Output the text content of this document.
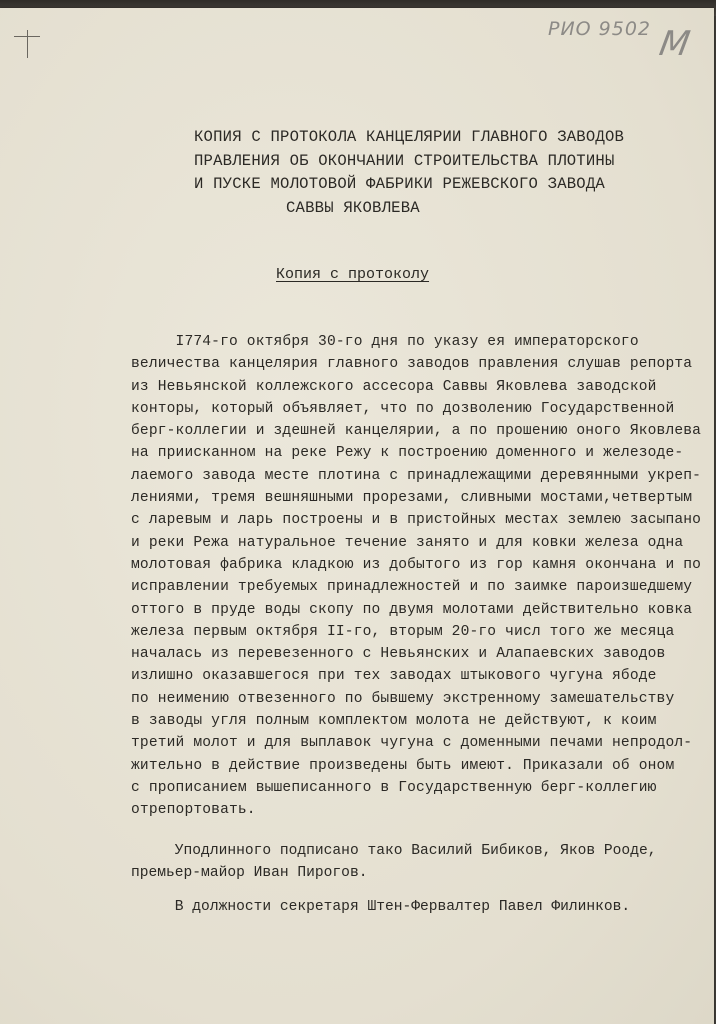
РИО 9502 М
КОПИЯ С ПРОТОКОЛА КАНЦЕЛЯРИИ ГЛАВНОГО ЗАВОДОВ
ПРАВЛЕНИЯ ОБ ОКОНЧАНИИ СТРОИТЕЛЬСТВА ПЛОТИНЫ
И ПУСКЕ МОЛОТОВОЙ ФАБРИКИ РЕЖЕВСКОГО ЗАВОДА
САВВЫ ЯКОВЛЕВА
Копия с протоколу
I774-го октября 30-го дня по указу ея императорского
величества канцелярия главного заводов правления слушав репорта
из Невьянской коллежского ассесора Саввы Яковлева заводской
конторы, который объявляет, что по дозволению Государственной
берг-коллегии и здешней канцелярии, а по прошению оного Яковлева
на приисканном на реке Режу к построению доменного и железоде-
лаемого завода месте плотина с принадлежащими деревянными укреп-
лениями, тремя вешняшными прорезами, сливными мостами,четвертым
с ларевым и ларь построены и в пристойных местах землею засыпано
и реки Режа натуральное течение занято и для ковки железа одна
молотовая фабрика кладкою из добытого из гор камня окончана и по
исправлении требуемых принадлежностей и по заимке пароизшедшему
оттого в пруде воды скопу по двумя молотами действительно ковка
железа первым октября II-го, вторым 20-го числ того же месяца
началась из перевезенного с Невьянских и Алапаевских заводов
излишно оказавшегося при тех заводах штыкового чугуна ябоде
по неимению отвезенного по бывшему экстренному замешательству
в заводы угля полным комплектом молота не действуют, к коим
третий молот и для выплавок чугуна с доменными печами непродол-
жительно в действие произведены быть имеют. Приказали об оном
с прописанием вышеписанного в Государственную берг-коллегию
отрепортовать.
Уподлинного подписано тако Василий Бибиков, Яков Рооде,
премьер-майор Иван Пирогов.
В должности секретаря Штен-Фервалтер Павел Филинков.
